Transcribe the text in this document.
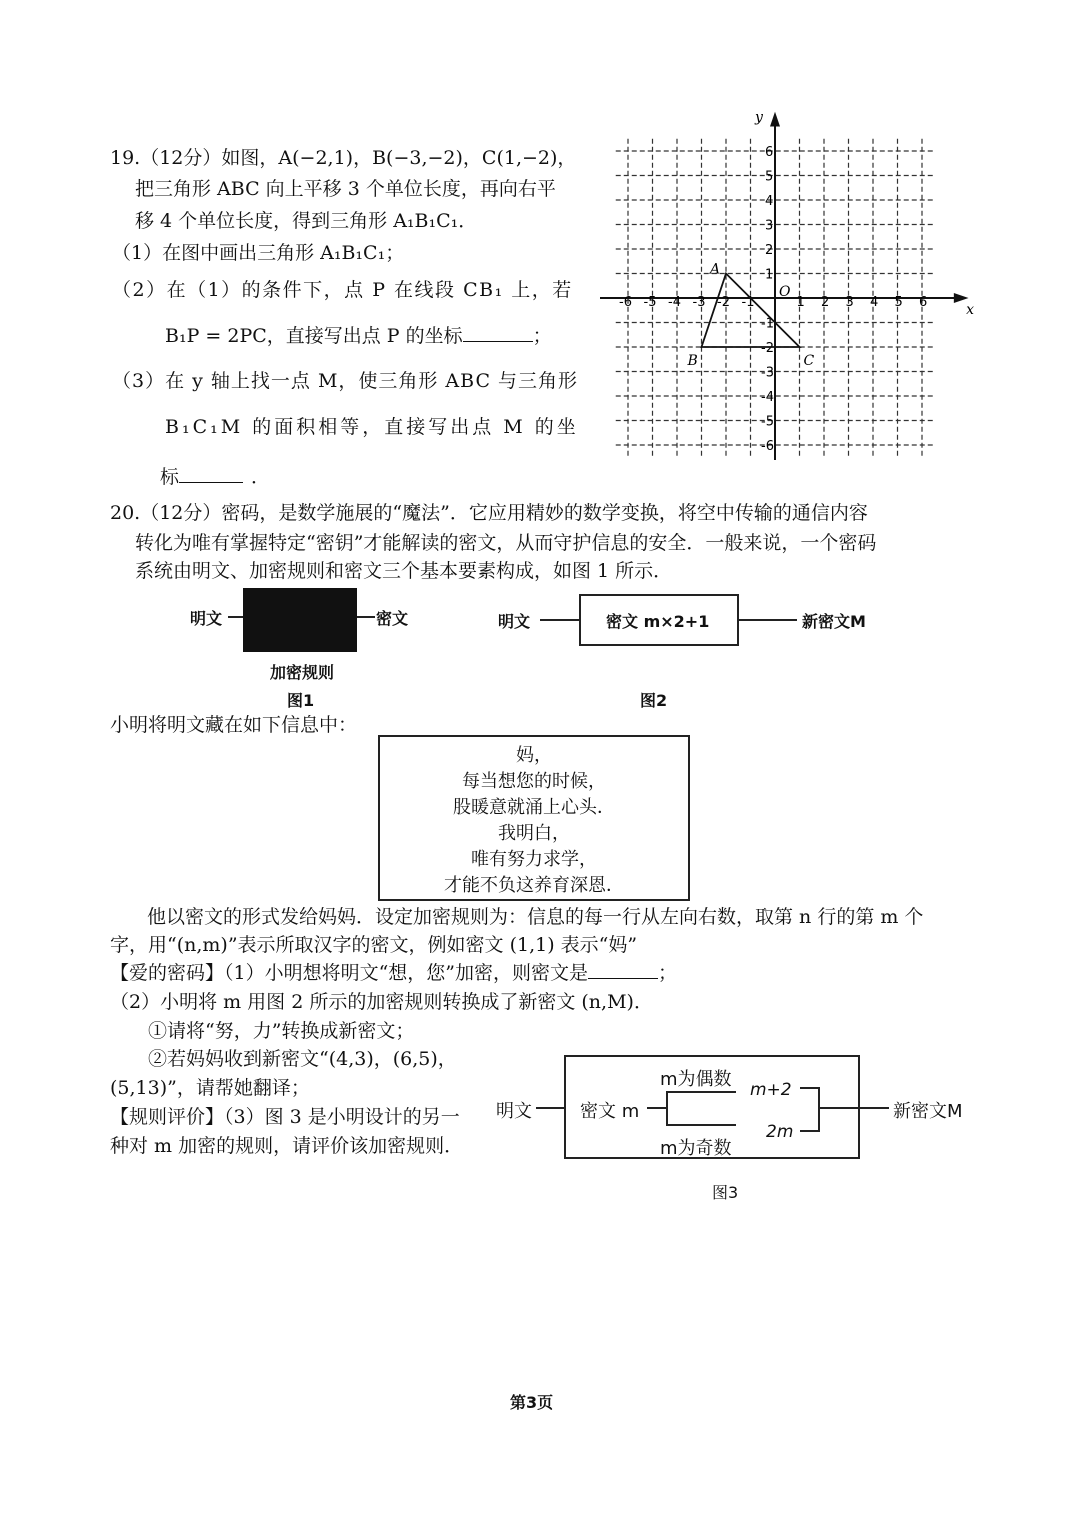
19.（12分）如图，A(−2,1)，B(−3,−2)，C(1,−2)，
把三角形 ABC 向上平移 3 个单位长度，再向右平
移 4 个单位长度，得到三角形 A₁B₁C₁．
（1）在图中画出三角形 A₁B₁C₁；
（2）在（1）的条件下，点 P 在线段 CB₁ 上，若
B₁P = 2PC，直接写出点 P 的坐标	；
（3）在 y 轴上找一点 M，使三角形 ABC 与三角形
B₁C₁M 的面积相等，直接写出点 M 的坐
标	．
y
x
O
-6 -5 -4 -3 -2 -1	1 2 3 4 5 6
6
5
4
3
2
1
-1
-2
-3
-4
-5
-6
A
B	C
20.（12分）密码，是数学施展的“魔法”．它应用精妙的数学变换，将空中传输的通信内容
转化为唯有掌握特定“密钥”才能解读的密文，从而守护信息的安全．一般来说，一个密码
系统由明文、加密规则和密文三个基本要素构成，如图 1 所示．
明文	密文
加密规则
图1
明文	密文 m×2+1	新密文M
图2
小明将明文藏在如下信息中：
妈，
每当想您的时候，
股暖意就涌上心头．
我明白，
唯有努力求学，
才能不负这养育深恩．
他以密文的形式发给妈妈．设定加密规则为：信息的每一行从左向右数，取第 n 行的第 m 个
字，用“(n,m)”表示所取汉字的密文，例如密文 (1,1) 表示“妈”
【爱的密码】（1）小明想将明文“想，您”加密，则密文是	；
（2）小明将 m 用图 2 所示的加密规则转换成了新密文 (n,M)．
①请将“努，力”转换成新密文；
②若妈妈收到新密文“(4,3)，(6,5)，
(5,13)”，请帮她翻译；
【规则评价】（3）图 3 是小明设计的另一
种对 m 加密的规则，请评价该加密规则．
明文	密文 m
m为偶数
m为奇数
m+2
2m
新密文M
图3
第3页
